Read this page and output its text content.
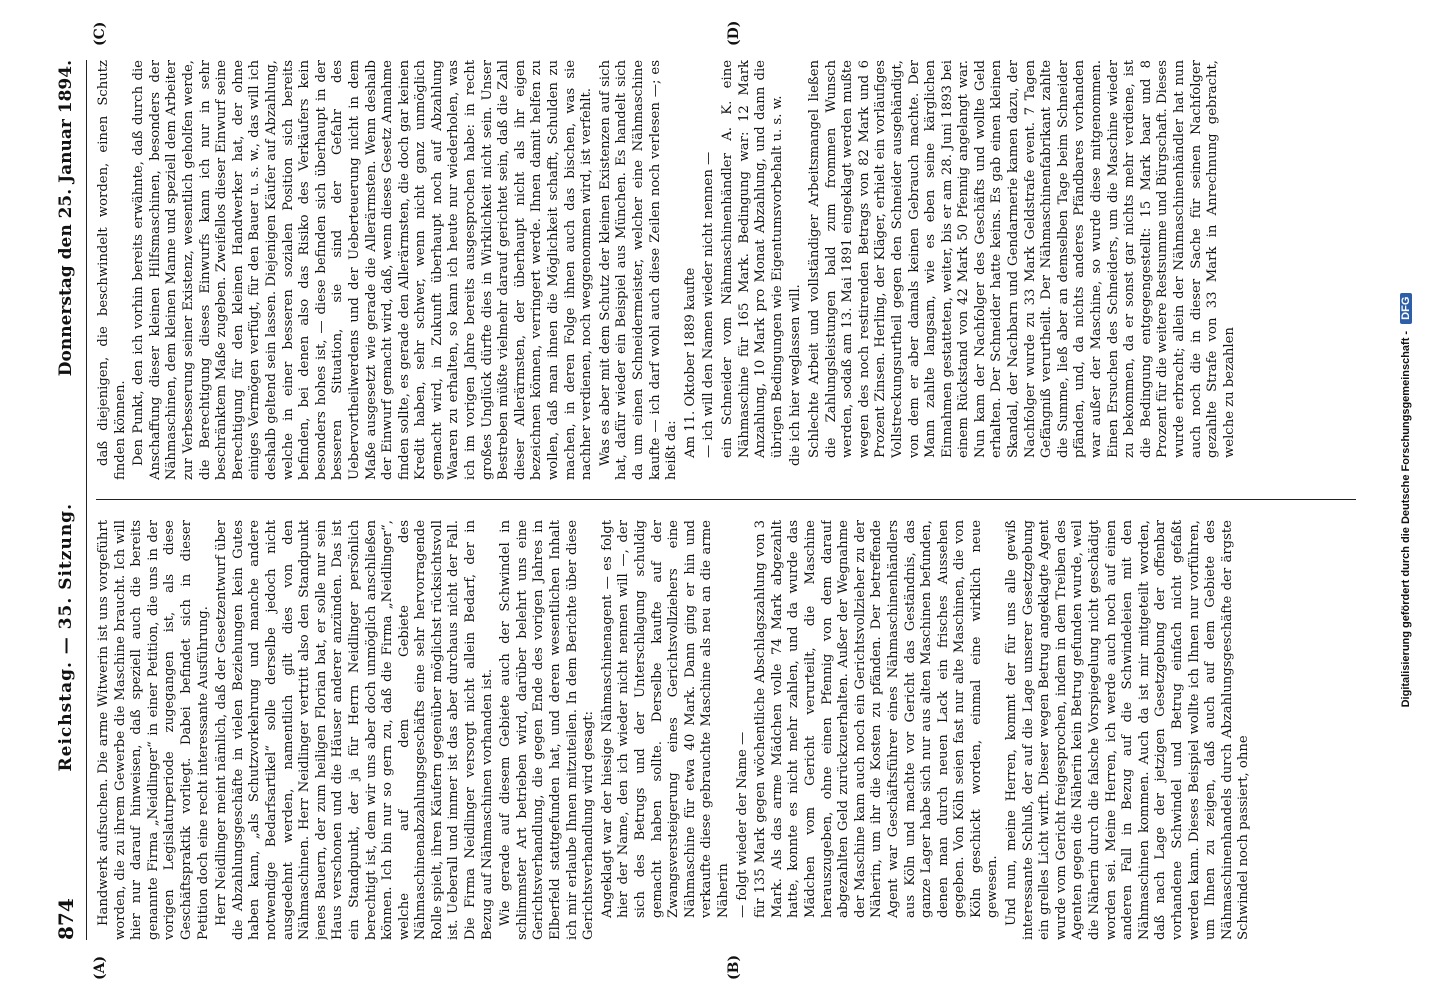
874
Reichstag. — 35. Sitzung.
Donnerstag den 25. Januar 1894.
(A)	(B)
(C)	(D)

Handwerk aufsuchen. Die arme Witwerin ist uns vorgeführt worden, die zu ihrem Gewerbe die Maschine braucht. Ich will hier nur darauf hinweisen, daß speziell auch die bereits genannte Firma „Neidlinger“ in einer Petition, die uns in der vorigen Legislaturperiode zugegangen ist, als diese Geschäftspraktik vorliegt. Dabei befindet sich in dieser Petition doch eine recht interessante Ausführung. Herr Neidlinger meint nämlich, daß der Gesetzentwurf über die Abzahlungsgeschäfte in vielen Beziehungen kein Gutes haben kann, „als Schutzvorkehrung und manche andere notwendige Bedarfsartikel“ solle derselbe jedoch nicht ausgedehnt werden, namentlich gilt dies von den Nähmaschinen. Herr Neidlinger vertritt also den Standpunkt jenes Bauern, der zum heiligen Florian bat, er solle nur sein Haus verschonen und die Häuser anderer anzünden. Das ist ein Standpunkt, der ja für Herrn Neidlinger persönlich berechtigt ist, dem wir uns aber doch unmöglich anschließen können. Ich bin nur so gern zu, daß die Firma „Neidlinger“, welche auf dem Gebiete des Nähmaschinenabzahlungsgeschäfts eine sehr hervorragende Rolle spielt, ihren Käufern gegenüber möglichst rücksichtsvoll ist. Ueberall und immer ist das aber durchaus nicht der Fall. Die Firma Neidlinger versorgt nicht allein Bedarf, der in Bezug auf Nähmaschinen vorhanden ist. Wie gerade auf diesem Gebiete auch der Schwindel in schlimmster Art betrieben wird, darüber belehrt uns eine Gerichtsverhandlung, die gegen Ende des vorigen Jahres in Elberfeld stattgefunden hat, und deren wesentlichen Inhalt ich mir erlaube Ihnen mitzuteilen. In dem Berichte über diese Gerichtsverhandlung wird gesagt: Angeklagt war der hiesige Nähmaschinenagent — es folgt hier der Name, den ich wieder nicht nennen will —, der sich des Betrugs und der Unterschlagung schuldig gemacht haben sollte. Derselbe kaufte auf der Zwangsversteigerung eines Gerichtsvollziehers eine Nähmaschine für etwa 40 Mark. Dann ging er hin und verkaufte diese gebrauchte Maschine als neu an die arme Näherin — folgt wieder der Name — für 135 Mark gegen wöchentliche Abschlagszahlung von 3 Mark. Als das arme Mädchen volle 74 Mark abgezahlt hatte, konnte es nicht mehr zahlen, und da wurde das Mädchen vom Gericht verurteilt, die Maschine herauszugeben, ohne einen Pfennig von dem darauf abgezahlten Geld zurückzuerhalten. Außer der Wegnahme der Maschine kam auch noch ein Gerichtsvollzieher zu der Näherin, um ihr die Kosten zu pfänden. Der betreffende Agent war Geschäftsführer eines Nähmaschinenhändlers aus Köln und machte vor Gericht das Geständnis, das ganze Lager habe sich nur aus alten Maschinen befunden, denen man durch neuen Lack ein frisches Aussehen gegeben. Von Köln seien fast nur alte Maschinen, die von Köln geschickt worden, einmal eine wirklich neue gewesen. Und nun, meine Herren, kommt der für uns alle gewiß interessante Schluß, der auf die Lage unserer Gesetzgebung ein grelles Licht wirft. Dieser wegen Betrug angeklagte Agent wurde vom Gericht freigesprochen, indem in dem Treiben des Agenten gegen die Näherin kein Betrug gefunden wurde, weil die Näherin durch die falsche Vorspiegelung nicht geschädigt worden sei. Meine Herren, ich werde auch noch auf einen anderen Fall in Bezug auf die Schwindeleien mit den Nähmaschinen kommen. Auch da ist mir mitgeteilt worden, daß nach Lage der jetzigen Gesetzgebung der offenbar vorhandene Schwindel und Betrug einfach nicht gefaßt werden kann. Dieses Beispiel wollte ich Ihnen nur vorführen, um Ihnen zu zeigen, daß auch auf dem Gebiete des Nähmaschinenhandels durch Abzahlungsgeschäfte der ärgste Schwindel noch passiert, ohne

daß diejenigen, die beschwindelt worden, einen Schutz finden können. Den Punkt, den ich vorhin bereits erwähnte, daß durch die Anschaffung dieser kleinen Hilfsmaschinen, besonders der Nähmaschinen, dem kleinen Manne und speziell dem Arbeiter zur Verbesserung seiner Existenz, wesentlich geholfen werde, die Berechtigung dieses Einwurfs kann ich nur in sehr beschränktem Maße zugeben. Zweifellos dieser Einwurf seine Berechtigung für den kleinen Handwerker hat, der ohne einiges Vermögen verfügt, für den Bauer u. s. w., das will ich deshalb geltend sein lassen. Diejenigen Käufer auf Abzahlung, welche in einer besseren sozialen Position sich bereits befinden, bei denen also das Risiko des Verkäufers kein besonders hohes ist, — diese befinden sich überhaupt in der besseren Situation, sie sind der Gefahr des Uebervortheilwerdens und der Ueberteuerung nicht in dem Maße ausgesetzt wie gerade die Allerärmsten. Wenn deshalb der Einwurf gemacht wird, daß, wenn dieses Gesetz Annahme finden sollte, es gerade den Allerärmsten, die doch gar keinen Kredit haben, sehr schwer, wenn nicht ganz unmöglich gemacht wird, in Zukunft überhaupt noch auf Abzahlung Waaren zu erhalten, so kann ich heute nur wiederholen, was ich im vorigen Jahre bereits ausgesprochen habe: in recht großes Unglück dürfte dies in Wirklichkeit nicht sein. Unser Bestreben müßte vielmehr darauf gerichtet sein, daß die Zahl dieser Allerärmsten, der überhaupt nicht als ihr eigen bezeichnen können, verringert werde. Ihnen damit helfen zu wollen, daß man ihnen die Möglichkeit schafft, Schulden zu machen, in deren Folge ihnen auch das bischen, was sie nachher verdienen, noch weggenommen wird, ist verfehlt. Was es aber mit dem Schutz der kleinen Existenzen auf sich hat, dafür wieder ein Beispiel aus München. Es handelt sich da um einen Schneidermeister, welcher eine Nähmaschine kaufte — ich darf wohl auch diese Zeilen noch verlesen —; es heißt da: Am 11. Oktober 1889 kaufte — ich will den Namen wieder nicht nennen — ein Schneider vom Nähmaschinenhändler A. K. eine Nähmaschine für 165 Mark. Bedingung war: 12 Mark Anzahlung, 10 Mark pro Monat Abzahlung, und dann die übrigen Bedingungen wie Eigentumsvorbehalt u. s. w. die ich hier weglassen will. Schlechte Arbeit und vollständiger Arbeitsmangel ließen die Zahlungsleistungen bald zum frommen Wunsch werden, sodaß am 13. Mai 1891 eingeklagt werden mußte wegen des noch restirenden Betrags von 82 Mark und 6 Prozent Zinsen. Herling, der Kläger, erhielt ein vorläufiges Vollstreckungsurtheil gegen den Schneider ausgehändigt, von dem er aber damals keinen Gebrauch machte. Der Mann zahlte langsam, wie es eben seine kärglichen Einnahmen gestatteten, weiter, bis er am 28. Juni 1893 bei einem Rückstand von 42 Mark 50 Pfennig angelangt war. Nun kam der Nachfolger des Geschäfts und wollte Geld erhalten. Der Schneider hatte keins. Es gab einen kleinen Skandal, der Nachbarn und Gendarmerie kamen dazu, der Nachfolger wurde zu 33 Mark Geldstrafe event. 7 Tagen Gefängniß verurtheilt. Der Nähmaschinenfabrikant zahlte die Summe, ließ aber an demselben Tage beim Schneider pfänden, und, da nichts anderes Pfändbares vorhanden war außer der Maschine, so wurde diese mitgenommen. Einen Ersuchen des Schneiders, um die Maschine wieder zu bekommen, da er sonst gar nichts mehr verdiene, ist die Bedingung entgegengestellt: 15 Mark baar und 8 Prozent für die weitere Restsumme und Bürgschaft. Dieses wurde erbracht; allein der Nähmaschinenhändler hat nun auch noch die in dieser Sache für seinen Nachfolger gezahlte Strafe von 33 Mark in Anrechnung gebracht, welche zu bezahlen	Digitalisierung gefördert durch die Deutsche Forschungsgemeinschaft - DFG
